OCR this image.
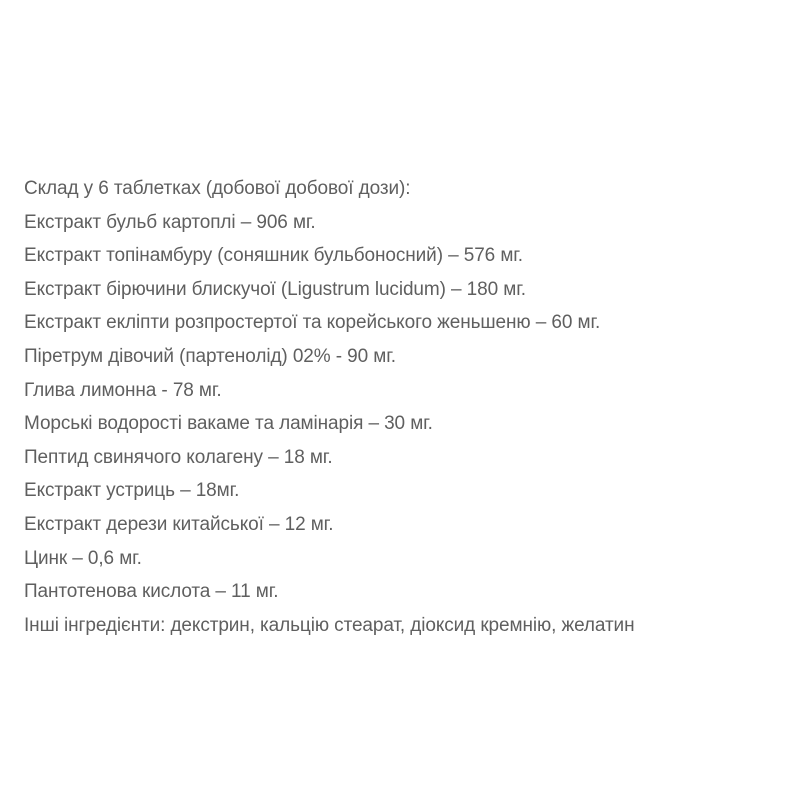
Склад у 6 таблетках (добової добової дози):
Екстракт бульб картоплі – 906 мг.
Екстракт топінамбуру (соняшник бульбоносний) – 576 мг.
Екстракт бірючини блискучої (Ligustrum lucidum) – 180 мг.
Екстракт екліпти розпростертої та корейського женьшеню – 60 мг.
Піретрум дівочий (партенолід) 02% - 90 мг.
Глива лимонна - 78 мг.
Морські водорості вакаме та ламінарія – 30 мг.
Пептид свинячого колагену – 18 мг.
Екстракт устриць – 18мг.
Екстракт дерези китайської – 12 мг.
Цинк – 0,6 мг.
Пантотенова кислота – 11 мг.
Інші інгредієнти: декстрин, кальцію стеарат, діоксид кремнію, желатин
